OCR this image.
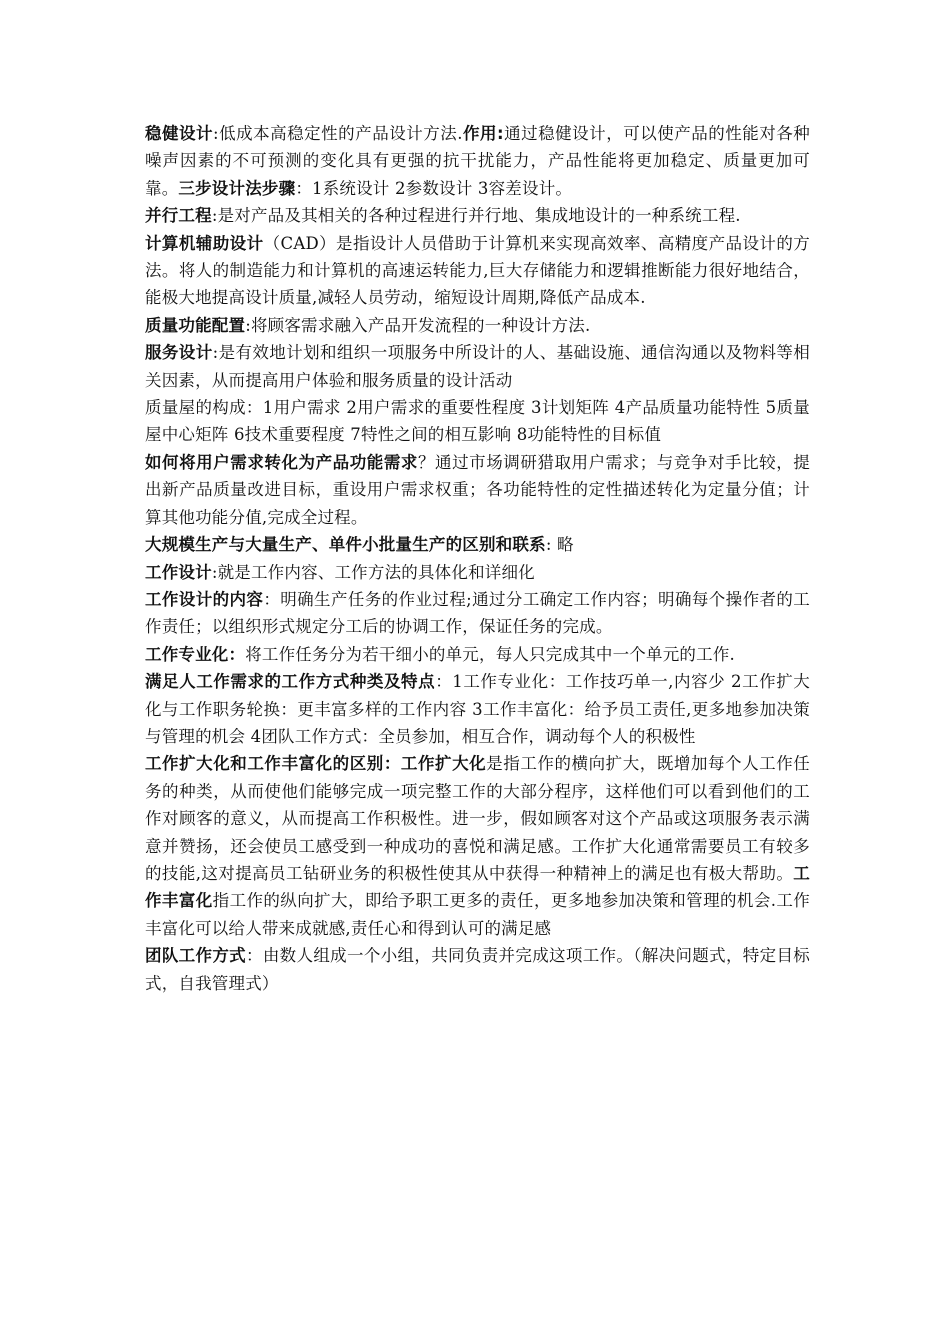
稳健设计:低成本高稳定性的产品设计方法.作用:通过稳健设计，可以使产品的性能对各种噪声因素的不可预测的变化具有更强的抗干扰能力，产品性能将更加稳定、质量更加可靠。三步设计法步骤：1系统设计 2参数设计 3容差设计。

并行工程:是对产品及其相关的各种过程进行并行地、集成地设计的一种系统工程.

计算机辅助设计（CAD）是指设计人员借助于计算机来实现高效率、高精度产品设计的方法。将人的制造能力和计算机的高速运转能力,巨大存储能力和逻辑推断能力很好地结合，能极大地提高设计质量,减轻人员劳动，缩短设计周期,降低产品成本.

质量功能配置:将顾客需求融入产品开发流程的一种设计方法.

服务设计:是有效地计划和组织一项服务中所设计的人、基础设施、通信沟通以及物料等相关因素，从而提高用户体验和服务质量的设计活动

质量屋的构成：1用户需求 2用户需求的重要性程度 3计划矩阵 4产品质量功能特性 5质量屋中心矩阵 6技术重要程度 7特性之间的相互影响 8功能特性的目标值

如何将用户需求转化为产品功能需求？通过市场调研猎取用户需求；与竞争对手比较，提出新产品质量改进目标，重设用户需求权重；各功能特性的定性描述转化为定量分值；计算其他功能分值,完成全过程。

大规模生产与大量生产、单件小批量生产的区别和联系: 略

工作设计:就是工作内容、工作方法的具体化和详细化

工作设计的内容：明确生产任务的作业过程;通过分工确定工作内容；明确每个操作者的工作责任；以组织形式规定分工后的协调工作，保证任务的完成。

工作专业化：将工作任务分为若干细小的单元，每人只完成其中一个单元的工作.

满足人工作需求的工作方式种类及特点：1工作专业化：工作技巧单一,内容少 2工作扩大化与工作职务轮换：更丰富多样的工作内容 3工作丰富化：给予员工责任,更多地参加决策与管理的机会 4团队工作方式：全员参加，相互合作，调动每个人的积极性

工作扩大化和工作丰富化的区别：工作扩大化是指工作的横向扩大，既增加每个人工作任务的种类，从而使他们能够完成一项完整工作的大部分程序，这样他们可以看到他们的工作对顾客的意义，从而提高工作积极性。进一步，假如顾客对这个产品或这项服务表示满意并赞扬，还会使员工感受到一种成功的喜悦和满足感。工作扩大化通常需要员工有较多的技能,这对提高员工钻研业务的积极性使其从中获得一种精神上的满足也有极大帮助。工作丰富化指工作的纵向扩大，即给予职工更多的责任，更多地参加决策和管理的机会.工作丰富化可以给人带来成就感,责任心和得到认可的满足感

团队工作方式：由数人组成一个小组，共同负责并完成这项工作。（解决问题式，特定目标式，自我管理式）
